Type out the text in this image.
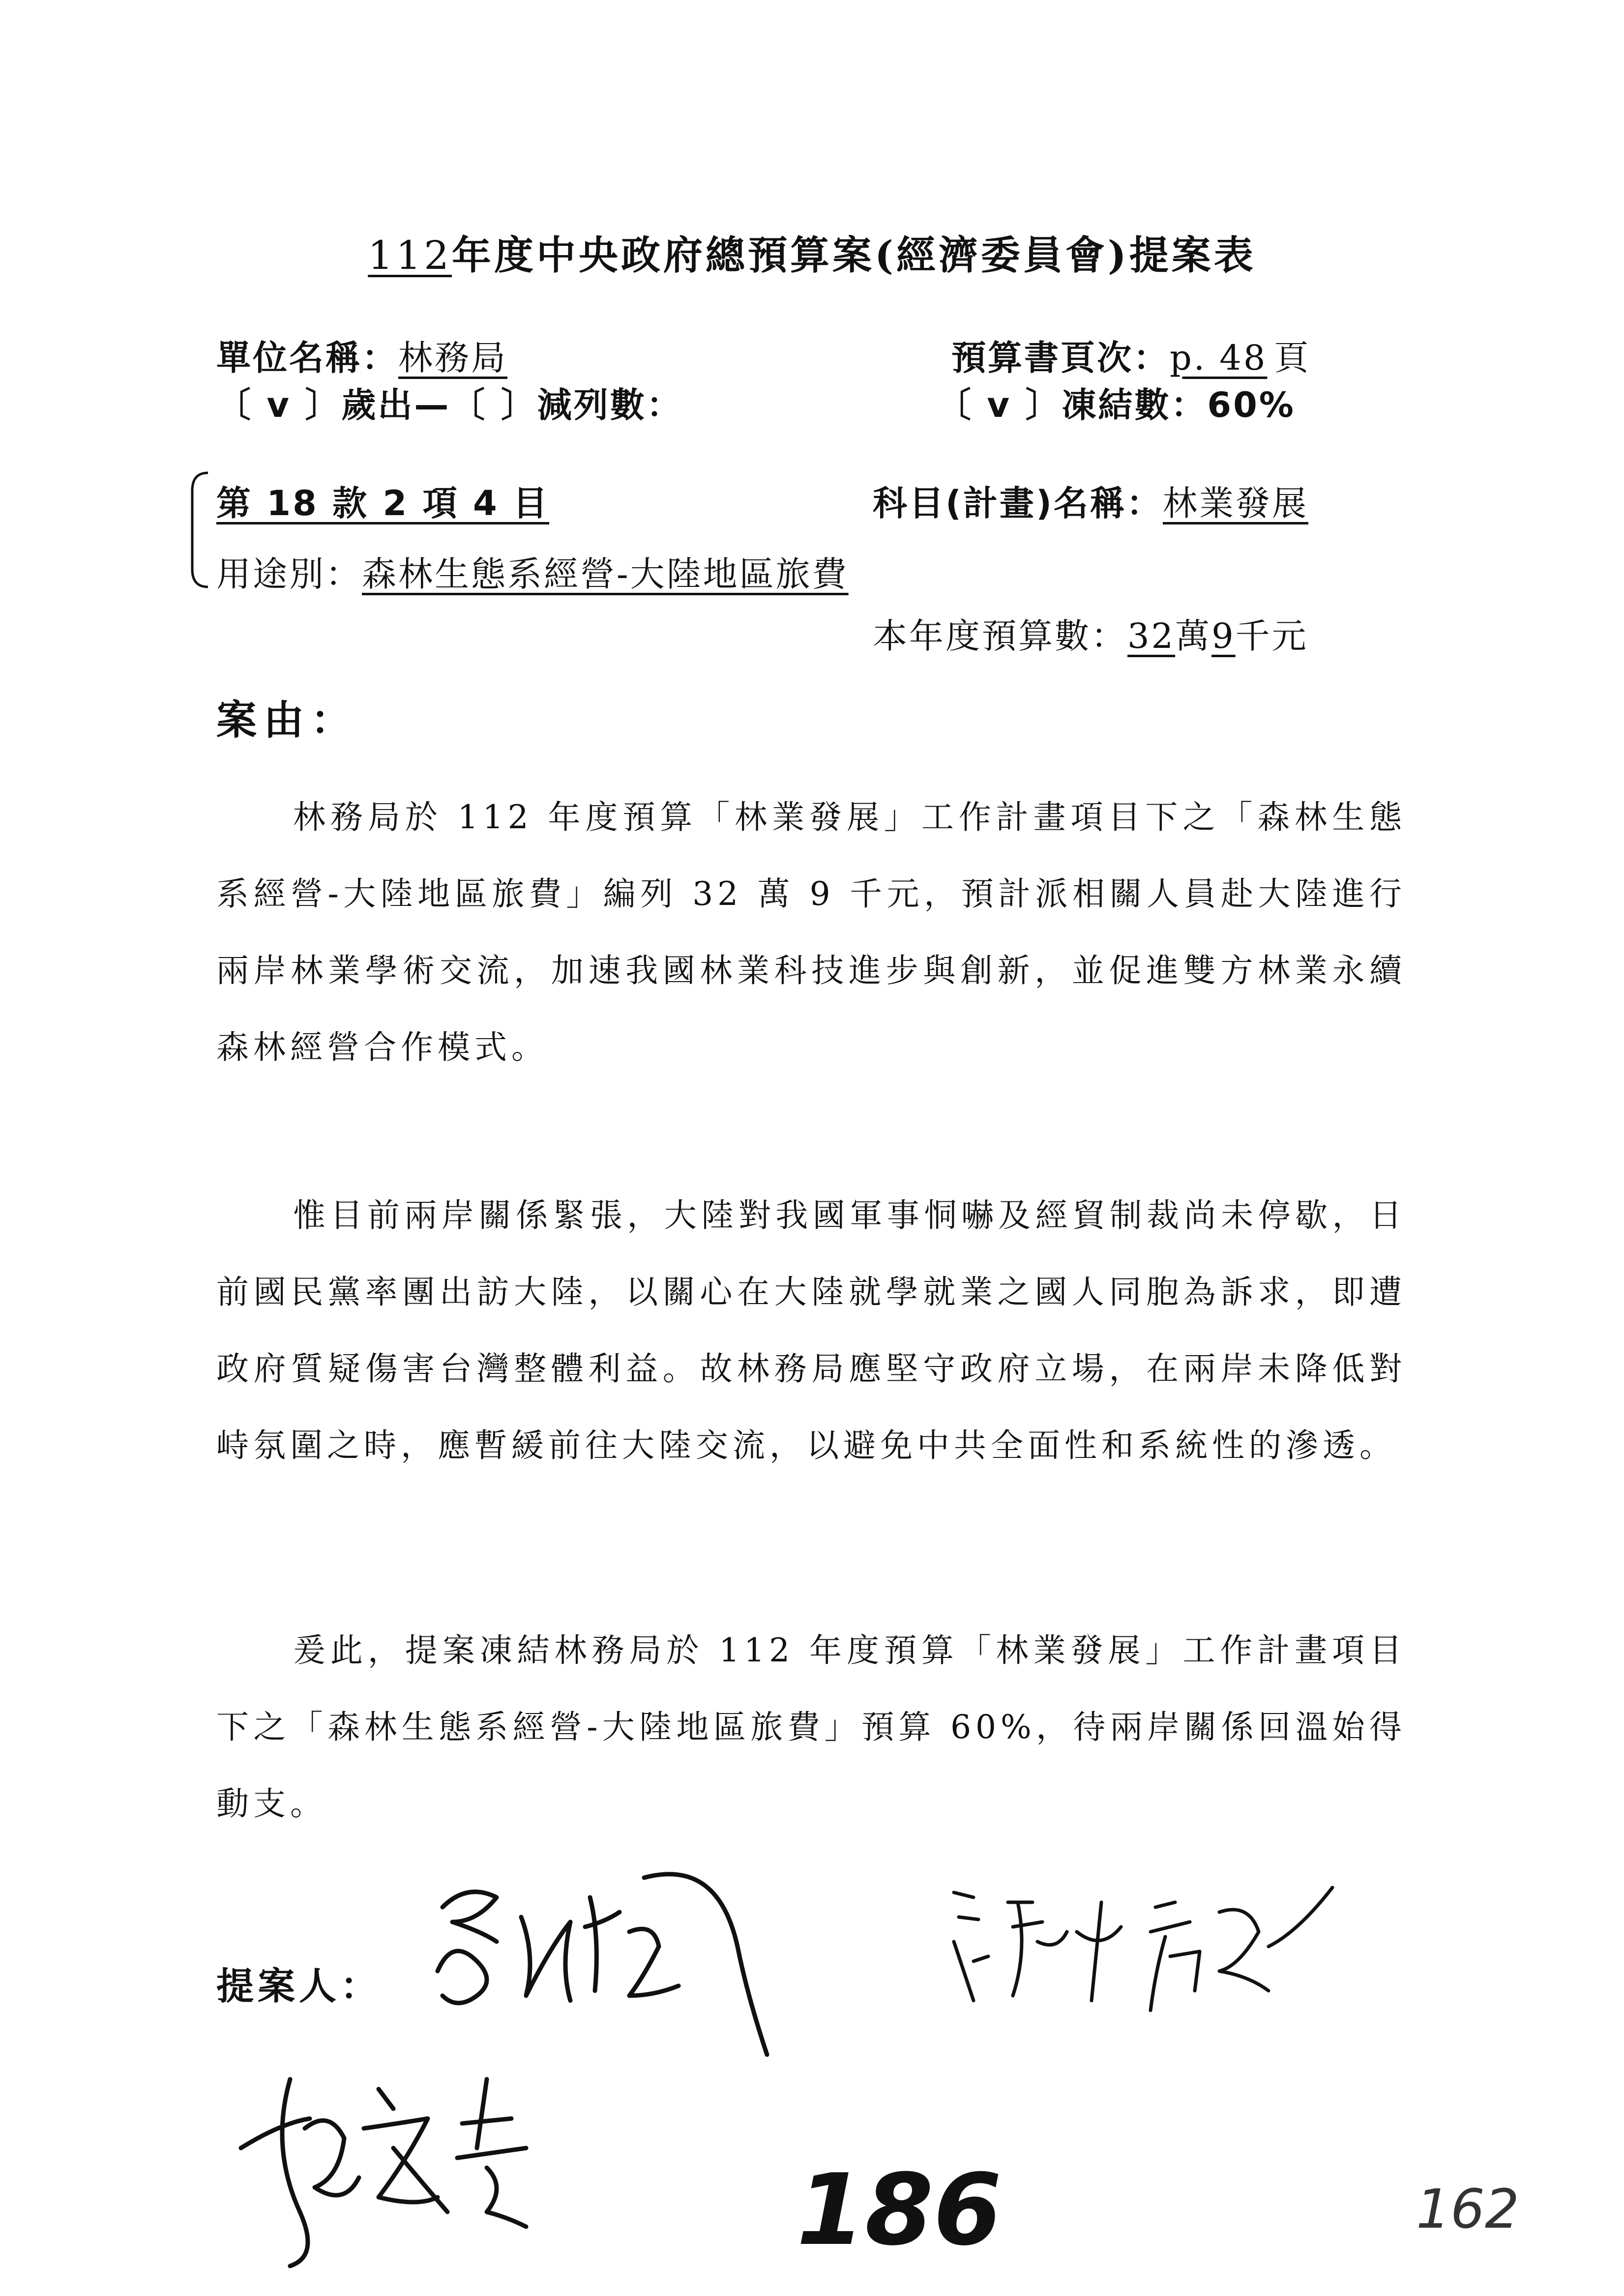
112年度中央政府總預算案(經濟委員會)提案表
單位名稱：林務局	預算書頁次：p. 48 頁
〔 v 〕歲出—〔 〕減列數：	〔 v 〕凍結數：60%
第 18 款 2 項 4 目	科目(計畫)名稱：林業發展
用途別：森林生態系經營-大陸地區旅費
本年度預算數：32萬9千元
案由：

林務局於 112 年度預算「林業發展」工作計畫項目下之「森林生態系經營-大陸地區旅費」編列 32 萬 9 千元，預計派相關人員赴大陸進行兩岸林業學術交流，加速我國林業科技進步與創新，並促進雙方林業永續森林經營合作模式。

惟目前兩岸關係緊張，大陸對我國軍事恫嚇及經貿制裁尚未停歇，日前國民黨率團出訪大陸，以關心在大陸就學就業之國人同胞為訴求，即遭政府質疑傷害台灣整體利益。故林務局應堅守政府立場，在兩岸未降低對峙氛圍之時，應暫緩前往大陸交流，以避免中共全面性和系統性的滲透。

爰此，提案凍結林務局於 112 年度預算「林業發展」工作計畫項目下之「森林生態系經營-大陸地區旅費」預算 60%，待兩岸關係回溫始得動支。

提案人：
186	162
